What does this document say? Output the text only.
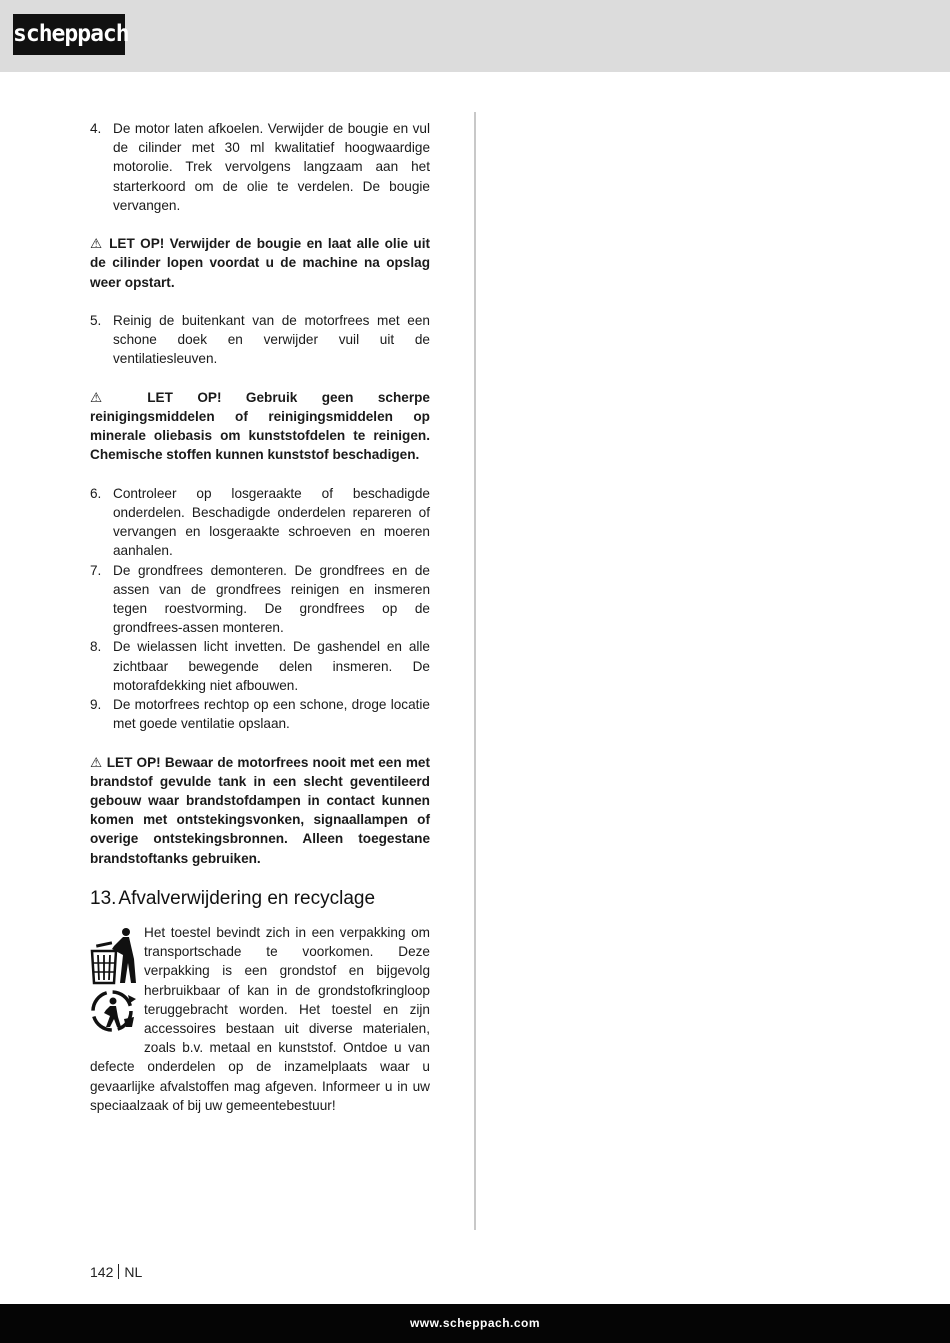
scheppach
4. De motor laten afkoelen. Verwijder de bougie en vul de cilinder met 30 ml kwalitatief hoogwaardige motorolie. Trek vervolgens langzaam aan het starterkoord om de olie te verdelen. De bougie vervangen.
⚠ LET OP! Verwijder de bougie en laat alle olie uit de cilinder lopen voordat u de machine na opslag weer opstart.
5. Reinig de buitenkant van de motorfrees met een schone doek en verwijder vuil uit de ventilatiesleuven.
⚠ LET OP! Gebruik geen scherpe reinigingsmiddelen of reinigingsmiddelen op minerale oliebasis om kunststofdelen te reinigen. Chemische stoffen kunnen kunststof beschadigen.
6. Controleer op losgeraakte of beschadigde onderdelen. Beschadigde onderdelen repareren of vervangen en losgeraakte schroeven en moeren aanhalen.
7. De grondfrees demonteren. De grondfrees en de assen van de grondfrees reinigen en insmeren tegen roestvorming. De grondfrees op de grondfrees-assen monteren.
8. De wielassen licht invetten. De gashendel en alle zichtbaar bewegende delen insmeren. De motorafdekking niet afbouwen.
9. De motorfrees rechtop op een schone, droge locatie met goede ventilatie opslaan.
⚠ LET OP! Bewaar de motorfrees nooit met een met brandstof gevulde tank in een slecht geventileerd gebouw waar brandstofdampen in contact kunnen komen met ontstekingsvonken, signaallampen of overige ontstekingsbronnen. Alleen toegestane brandstoftanks gebruiken.
13. Afvalverwijdering en recyclage
Het toestel bevindt zich in een verpakking om transportschade te voorkomen. Deze verpakking is een grondstof en bijgevolg herbruikbaar of kan in de grondstofkringloop teruggebracht worden. Het toestel en zijn accessoires bestaan uit diverse materialen, zoals b.v. metaal en kunststof. Ontdoe u van defecte onderdelen op de inzamelplaats waar u gevaarlijke afvalstoffen mag afgeven. Informeer u in uw speciaalzaak of bij uw gemeentebestuur!
142 NL
www.scheppach.com
